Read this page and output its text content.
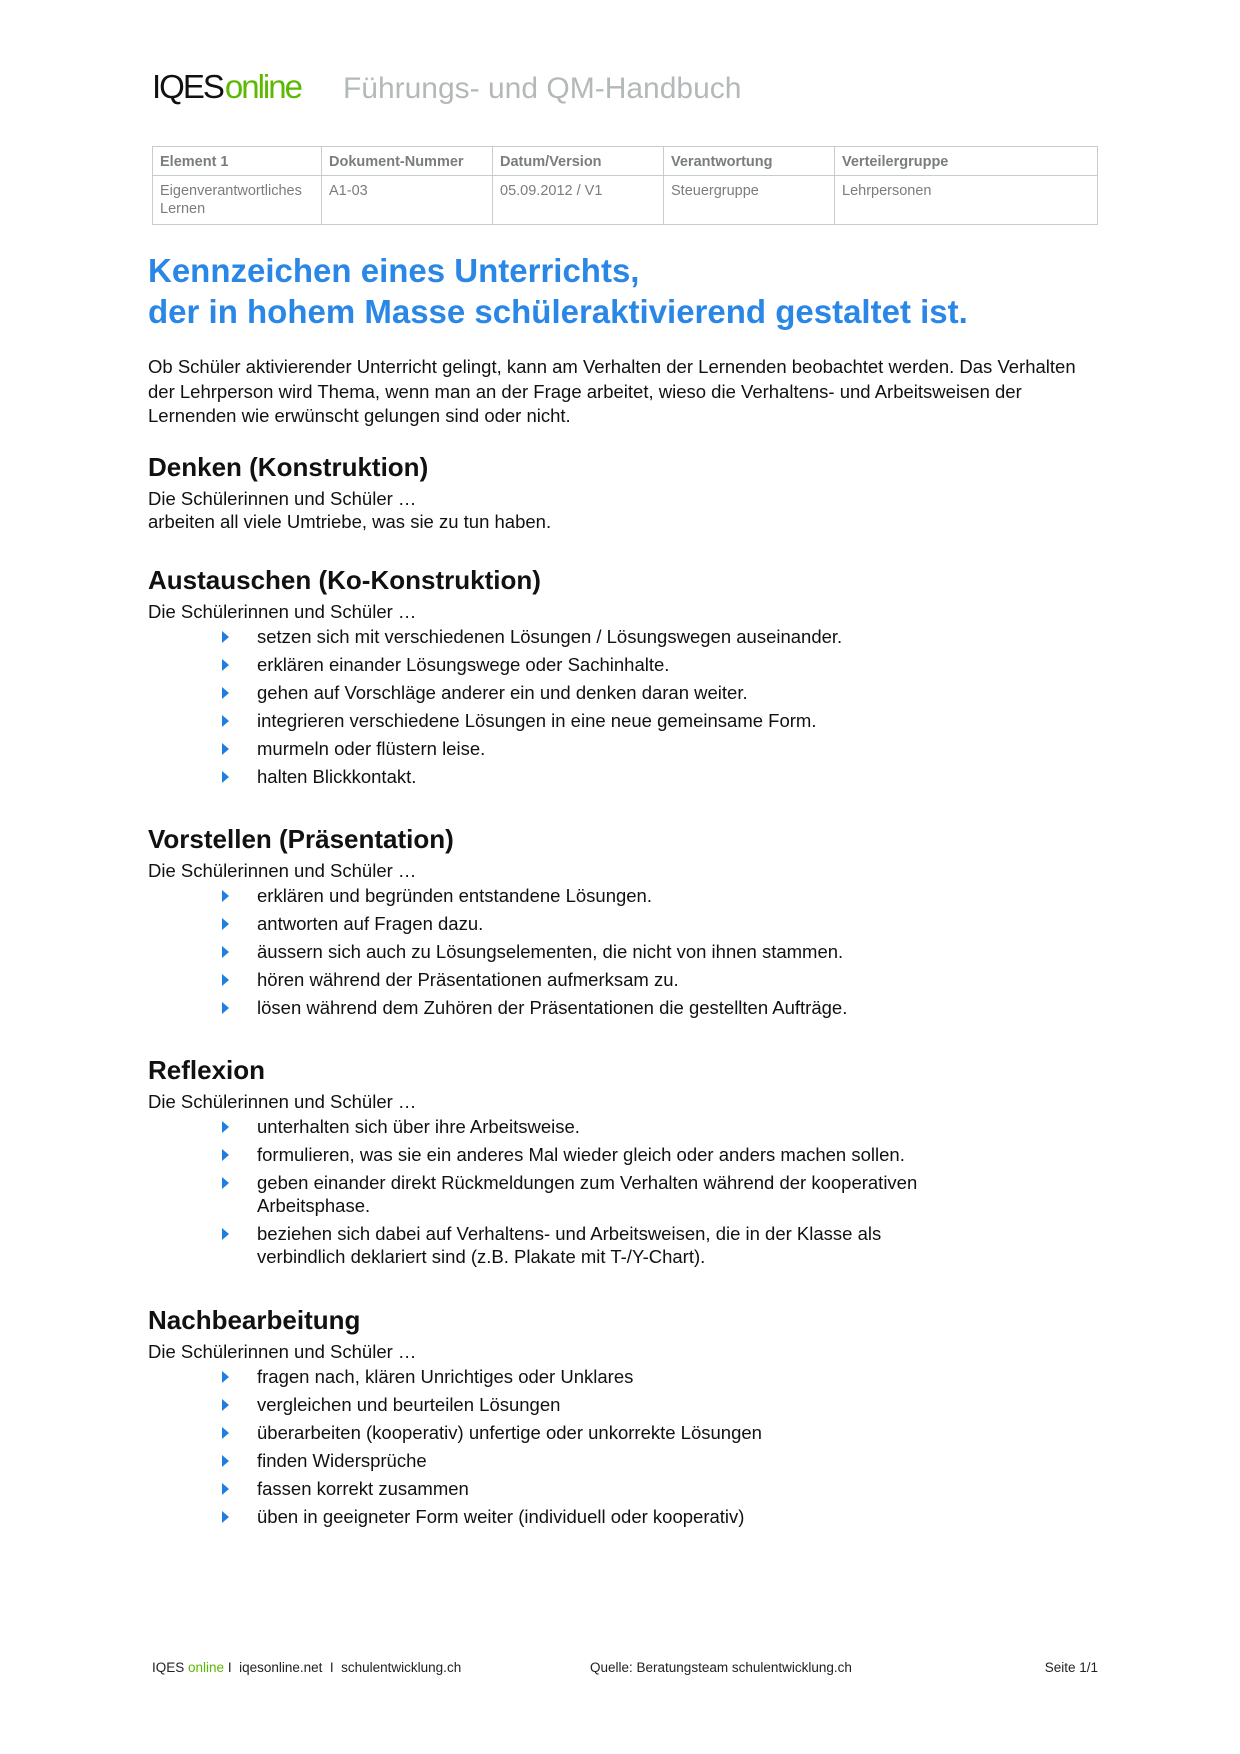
IQESonline Führungs- und QM-Handbuch
Element 1	Dokument-Nummer	Datum/Version	Verantwortung	Verteilergruppe
Eigenverantwortliches Lernen	A1-03	05.09.2012 / V1	Steuergruppe	Lehrpersonen
Kennzeichen eines Unterrichts,
der in hohem Masse schüleraktivierend gestaltet ist.

Ob Schüler aktivierender Unterricht gelingt, kann am Verhalten der Lernenden beobachtet werden. Das Verhalten der Lehrperson wird Thema, wenn man an der Frage arbeitet, wieso die Verhaltens- und Arbeitsweisen der Lernenden wie erwünscht gelungen sind oder nicht.

Denken (Konstruktion)

Die Schülerinnen und Schüler …

arbeiten all viele Umtriebe, was sie zu tun haben.

Austauschen (Ko-Konstruktion)

Die Schülerinnen und Schüler …

setzen sich mit verschiedenen Lösungen / Lösungswegen auseinander.
erklären einander Lösungswege oder Sachinhalte.
gehen auf Vorschläge anderer ein und denken daran weiter.
integrieren verschiedene Lösungen in eine neue gemeinsame Form.
murmeln oder flüstern leise.
halten Blickkontakt.
Vorstellen (Präsentation)

Die Schülerinnen und Schüler …

erklären und begründen entstandene Lösungen.
antworten auf Fragen dazu.
äussern sich auch zu Lösungselementen, die nicht von ihnen stammen.
hören während der Präsentationen aufmerksam zu.
lösen während dem Zuhören der Präsentationen die gestellten Aufträge.
Reflexion

Die Schülerinnen und Schüler …

unterhalten sich über ihre Arbeitsweise.
formulieren, was sie ein anderes Mal wieder gleich oder anders machen sollen.
geben einander direkt Rückmeldungen zum Verhalten während der kooperativen Arbeitsphase.
beziehen sich dabei auf Verhaltens- und Arbeitsweisen, die in der Klasse als verbindlich deklariert sind (z.B. Plakate mit T-/Y-Chart).
Nachbearbeitung

Die Schülerinnen und Schüler …

fragen nach, klären Unrichtiges oder Unklares
vergleichen und beurteilen Lösungen
überarbeiten (kooperativ) unfertige oder unkorrekte Lösungen
finden Widersprüche
fassen korrekt zusammen
üben in geeigneter Form weiter (individuell oder kooperativ)
IQES online I  iqesonline.net  I  schulentwicklung.ch	Quelle: Beratungsteam schulentwicklung.ch	Seite 1/1
